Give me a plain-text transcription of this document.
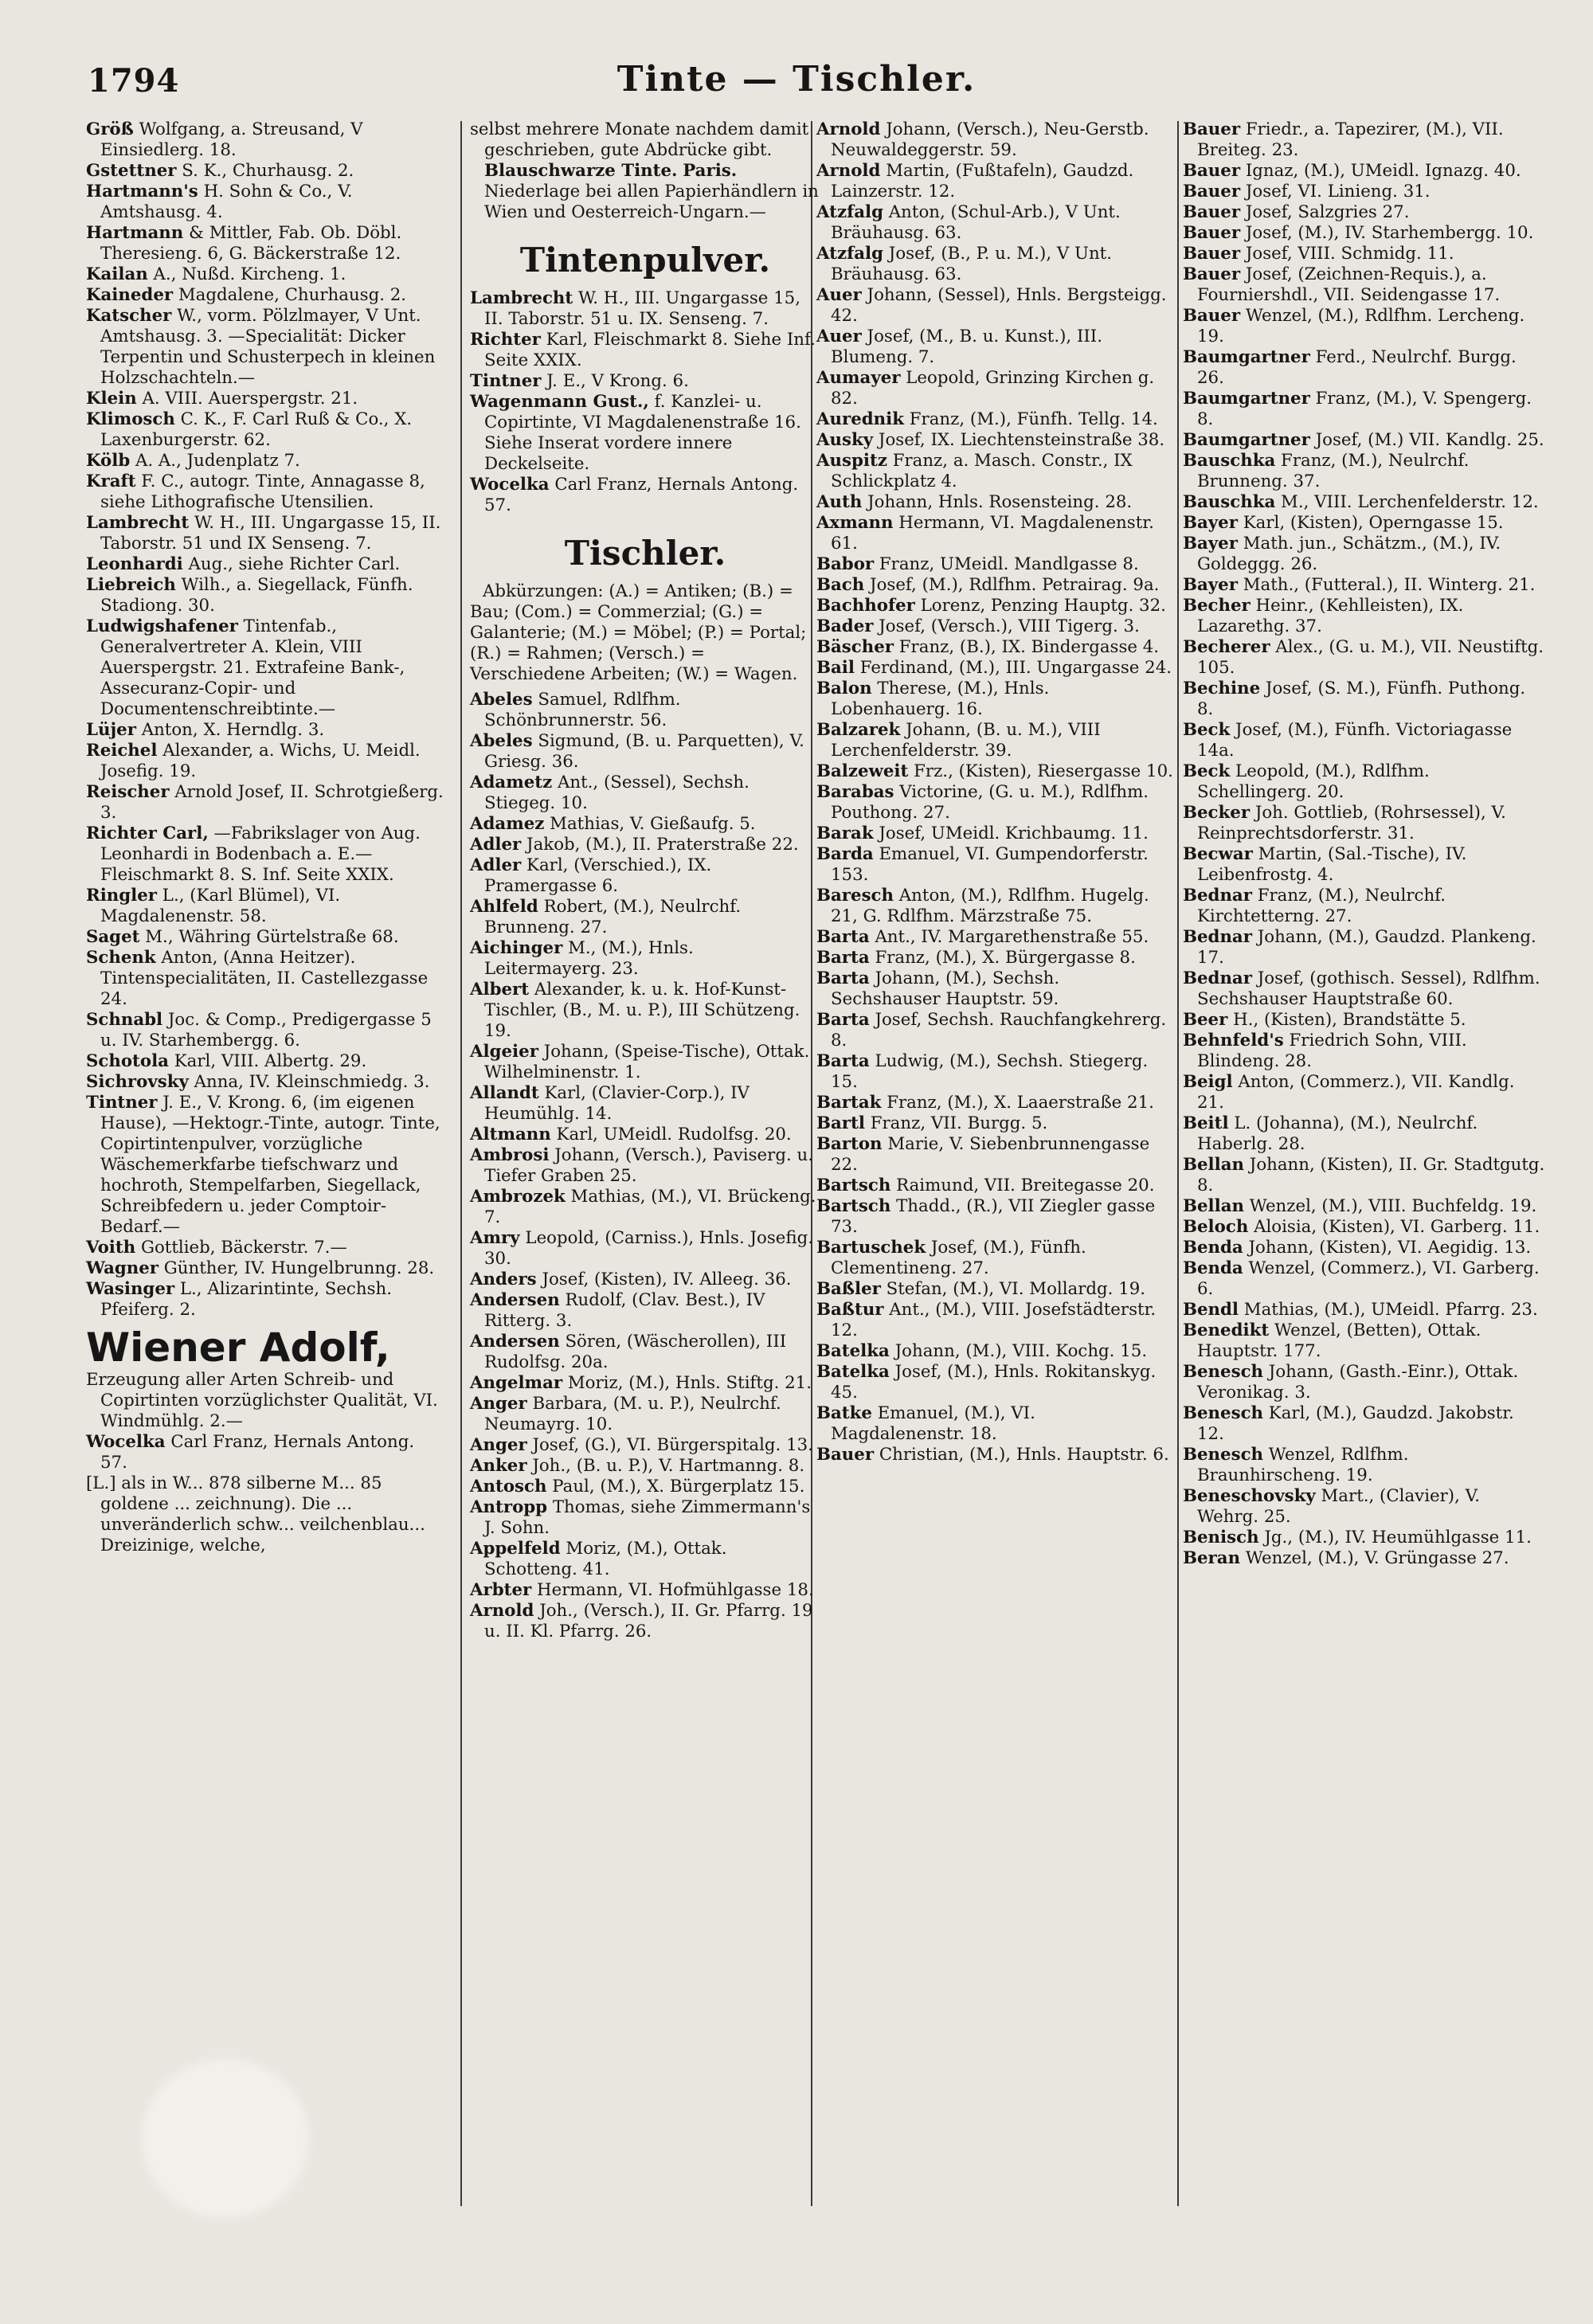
1794	Tinte — Tischler.
Größ Wolfgang, a. Streusand, V Einsiedlerg. 18.
Gstettner S. K., Churhausg. 2.
Hartmann's H. Sohn & Co., V. Amtshausg. 4.
Hartmann & Mittler, Fab. Ob. Döbl. Theresieng. 6, G. Bäckerstraße 12.
Kailan A., Nußd. Kircheng. 1.
Kaineder Magdalene, Churhausg. 2.
Katscher W., vorm. Pölzlmayer, V Unt. Amtshausg. 3. —Specialität: Dicker Terpentin und Schusterpech in kleinen Holzschachteln.—
Klein A. VIII. Auerspergstr. 21.
Klimosch C. K., F. Carl Ruß & Co., X. Laxenburgerstr. 62.
Kölb A. A., Judenplatz 7.
Kraft F. C., autogr. Tinte, Annagasse 8, siehe Lithografische Utensilien.
Lambrecht W. H., III. Ungargasse 15, II. Taborstr. 51 und IX Senseng. 7.
Leonhardi Aug., siehe Richter Carl.
Liebreich Wilh., a. Siegellack, Fünfh. Stadiong. 30.
Ludwigshafener Tintenfab., Generalvertreter A. Klein, VIII Auerspergstr. 21. Extrafeine Bank-, Assecuranz-Copir- und Documentenschreibtinte.—
Lüjer Anton, X. Herndlg. 3.
Reichel Alexander, a. Wichs, U. Meidl. Josefig. 19.
Reischer Arnold Josef, II. Schrotgießerg. 3.
Richter Carl, —Fabrikslager von Aug. Leonhardi in Bodenbach a. E.—Fleischmarkt 8. S. Inf. Seite XXIX.
Ringler L., (Karl Blümel), VI. Magdalenenstr. 58.
Saget M., Währing Gürtelstraße 68.
Schenk Anton, (Anna Heitzer). Tintenspecialitäten, II. Castellezgasse 24.
Schnabl Joc. & Comp., Predigergasse 5 u. IV. Starhembergg. 6.
Schotola Karl, VIII. Albertg. 29.
Sichrovsky Anna, IV. Kleinschmiedg. 3.
Tintner J. E., V. Krong. 6, (im eigenen Hause), —Hektogr.-Tinte, autogr. Tinte, Copirtintenpulver, vorzügliche Wäschemerkfarbe tiefschwarz und hochroth, Stempelfarben, Siegellack, Schreibfedern u. jeder Comptoir-Bedarf.—
Voith Gottlieb, Bäckerstr. 7.—
Wagner Günther, IV. Hungelbrunng. 28.
Wasinger L., Alizarintinte, Sechsh. Pfeiferg. 2.
Wiener Adolf,
Erzeugung aller Arten Schreib- und Copirtinten vorzüglichster Qualität, VI. Windmühlg. 2.—
Wocelka Carl Franz, Hernals Antong. 57.
[L.] als in W... 878 silberne M... 85 goldene ... zeichnung). Die ... unveränderlich schw... veilchenblau... Dreizinige, welche,
selbst mehrere Monate nachdem damit geschrieben, gute Abdrücke gibt. Blauschwarze Tinte. Paris. Niederlage bei allen Papierhändlern in Wien und Oesterreich-Ungarn.—
Tintenpulver.
Lambrecht W. H., III. Ungargasse 15, II. Taborstr. 51 u. IX. Senseng. 7.
Richter Karl, Fleischmarkt 8. Siehe Inf. Seite XXIX.
Tintner J. E., V Krong. 6.
Wagenmann Gust., f. Kanzlei- u. Copirtinte, VI Magdalenenstraße 16. Siehe Inserat vordere innere Deckelseite.
Wocelka Carl Franz, Hernals Antong. 57.
Tischler.
Abkürzungen: (A.) = Antiken; (B.) = Bau; (Com.) = Commerzial; (G.) = Galanterie; (M.) = Möbel; (P.) = Portal; (R.) = Rahmen; (Versch.) = Verschiedene Arbeiten; (W.) = Wagen.
Abeles Samuel, Rdlfhm. Schönbrunnerstr. 56.
Abeles Sigmund, (B. u. Parquetten), V. Griesg. 36.
Adametz Ant., (Sessel), Sechsh. Stiegeg. 10.
Adamez Mathias, V. Gießaufg. 5.
Adler Jakob, (M.), II. Praterstraße 22.
Adler Karl, (Verschied.), IX. Pramergasse 6.
Ahlfeld Robert, (M.), Neulrchf. Brunneng. 27.
Aichinger M., (M.), Hnls. Leitermayerg. 23.
Albert Alexander, k. u. k. Hof-Kunst-Tischler, (B., M. u. P.), III Schützeng. 19.
Algeier Johann, (Speise-Tische), Ottak. Wilhelminenstr. 1.
Allandt Karl, (Clavier-Corp.), IV Heumühlg. 14.
Altmann Karl, UMeidl. Rudolfsg. 20.
Ambrosi Johann, (Versch.), Paviserg. u. Tiefer Graben 25.
Ambrozek Mathias, (M.), VI. Brückeng. 7.
Amry Leopold, (Carniss.), Hnls. Josefig. 30.
Anders Josef, (Kisten), IV. Alleeg. 36.
Andersen Rudolf, (Clav. Best.), IV Ritterg. 3.
Andersen Sören, (Wäscherollen), III Rudolfsg. 20a.
Angelmar Moriz, (M.), Hnls. Stiftg. 21.
Anger Barbara, (M. u. P.), Neulrchf. Neumayrg. 10.
Anger Josef, (G.), VI. Bürgerspitalg. 13.
Anker Joh., (B. u. P.), V. Hartmanng. 8.
Antosch Paul, (M.), X. Bürgerplatz 15.
Antropp Thomas, siehe Zimmermann's J. Sohn.
Appelfeld Moriz, (M.), Ottak. Schotteng. 41.
Arbter Hermann, VI. Hofmühlgasse 18.
Arnold Joh., (Versch.), II. Gr. Pfarrg. 19 u. II. Kl. Pfarrg. 26.
Arnold Johann, (Versch.), Neu-Gerstb. Neuwaldeggerstr. 59.
Arnold Martin, (Fußtafeln), Gaudzd. Lainzerstr. 12.
Atzfalg Anton, (Schul-Arb.), V Unt. Bräuhausg. 63.
Atzfalg Josef, (B., P. u. M.), V Unt. Bräuhausg. 63.
Auer Johann, (Sessel), Hnls. Bergsteigg. 42.
Auer Josef, (M., B. u. Kunst.), III. Blumeng. 7.
Aumayer Leopold, Grinzing Kirchen g. 82.
Aurednik Franz, (M.), Fünfh. Tellg. 14.
Ausky Josef, IX. Liechtensteinstraße 38.
Auspitz Franz, a. Masch. Constr., IX Schlickplatz 4.
Auth Johann, Hnls. Rosensteing. 28.
Axmann Hermann, VI. Magdalenenstr. 61.
Babor Franz, UMeidl. Mandlgasse 8.
Bach Josef, (M.), Rdlfhm. Petrairag. 9a.
Bachhofer Lorenz, Penzing Hauptg. 32.
Bader Josef, (Versch.), VIII Tigerg. 3.
Bäscher Franz, (B.), IX. Bindergasse 4.
Bail Ferdinand, (M.), III. Ungargasse 24.
Balon Therese, (M.), Hnls. Lobenhauerg. 16.
Balzarek Johann, (B. u. M.), VIII Lerchenfelderstr. 39.
Balzeweit Frz., (Kisten), Riesergasse 10.
Barabas Victorine, (G. u. M.), Rdlfhm. Pouthong. 27.
Barak Josef, UMeidl. Krichbaumg. 11.
Barda Emanuel, VI. Gumpendorferstr. 153.
Baresch Anton, (M.), Rdlfhm. Hugelg. 21, G. Rdlfhm. Märzstraße 75.
Barta Ant., IV. Margarethenstraße 55.
Barta Franz, (M.), X. Bürgergasse 8.
Barta Johann, (M.), Sechsh. Sechshauser Hauptstr. 59.
Barta Josef, Sechsh. Rauchfangkehrerg. 8.
Barta Ludwig, (M.), Sechsh. Stiegerg. 15.
Bartak Franz, (M.), X. Laaerstraße 21.
Bartl Franz, VII. Burgg. 5.
Barton Marie, V. Siebenbrunnengasse 22.
Bartsch Raimund, VII. Breitegasse 20.
Bartsch Thadd., (R.), VII Ziegler gasse 73.
Bartuschek Josef, (M.), Fünfh. Clementineng. 27.
Baßler Stefan, (M.), VI. Mollardg. 19.
Baßtur Ant., (M.), VIII. Josefstädterstr. 12.
Batelka Johann, (M.), VIII. Kochg. 15.
Batelka Josef, (M.), Hnls. Rokitanskyg. 45.
Batke Emanuel, (M.), VI. Magdalenenstr. 18.
Bauer Christian, (M.), Hnls. Hauptstr. 6.
Bauer Friedr., a. Tapezirer, (M.), VII. Breiteg. 23.
Bauer Ignaz, (M.), UMeidl. Ignazg. 40.
Bauer Josef, VI. Linieng. 31.
Bauer Josef, Salzgries 27.
Bauer Josef, (M.), IV. Starhembergg. 10.
Bauer Josef, VIII. Schmidg. 11.
Bauer Josef, (Zeichnen-Requis.), a. Fourniershdl., VII. Seidengasse 17.
Bauer Wenzel, (M.), Rdlfhm. Lercheng. 19.
Baumgartner Ferd., Neulrchf. Burgg. 26.
Baumgartner Franz, (M.), V. Spengerg. 8.
Baumgartner Josef, (M.) VII. Kandlg. 25.
Bauschka Franz, (M.), Neulrchf. Brunneng. 37.
Bauschka M., VIII. Lerchenfelderstr. 12.
Bayer Karl, (Kisten), Operngasse 15.
Bayer Math. jun., Schätzm., (M.), IV. Goldeggg. 26.
Bayer Math., (Futteral.), II. Winterg. 21.
Becher Heinr., (Kehlleisten), IX. Lazarethg. 37.
Becherer Alex., (G. u. M.), VII. Neustiftg. 105.
Bechine Josef, (S. M.), Fünfh. Puthong. 8.
Beck Josef, (M.), Fünfh. Victoriagasse 14a.
Beck Leopold, (M.), Rdlfhm. Schellingerg. 20.
Becker Joh. Gottlieb, (Rohrsessel), V. Reinprechtsdorferstr. 31.
Becwar Martin, (Sal.-Tische), IV. Leibenfrostg. 4.
Bednar Franz, (M.), Neulrchf. Kirchtetterng. 27.
Bednar Johann, (M.), Gaudzd. Plankeng. 17.
Bednar Josef, (gothisch. Sessel), Rdlfhm. Sechshauser Hauptstraße 60.
Beer H., (Kisten), Brandstätte 5.
Behnfeld's Friedrich Sohn, VIII. Blindeng. 28.
Beigl Anton, (Commerz.), VII. Kandlg. 21.
Beitl L. (Johanna), (M.), Neulrchf. Haberlg. 28.
Bellan Johann, (Kisten), II. Gr. Stadtgutg. 8.
Bellan Wenzel, (M.), VIII. Buchfeldg. 19.
Beloch Aloisia, (Kisten), VI. Garberg. 11.
Benda Johann, (Kisten), VI. Aegidig. 13.
Benda Wenzel, (Commerz.), VI. Garberg. 6.
Bendl Mathias, (M.), UMeidl. Pfarrg. 23.
Benedikt Wenzel, (Betten), Ottak. Hauptstr. 177.
Benesch Johann, (Gasth.-Einr.), Ottak. Veronikag. 3.
Benesch Karl, (M.), Gaudzd. Jakobstr. 12.
Benesch Wenzel, Rdlfhm. Braunhirscheng. 19.
Beneschovsky Mart., (Clavier), V. Wehrg. 25.
Benisch Jg., (M.), IV. Heumühlgasse 11.
Beran Wenzel, (M.), V. Grüngasse 27.
